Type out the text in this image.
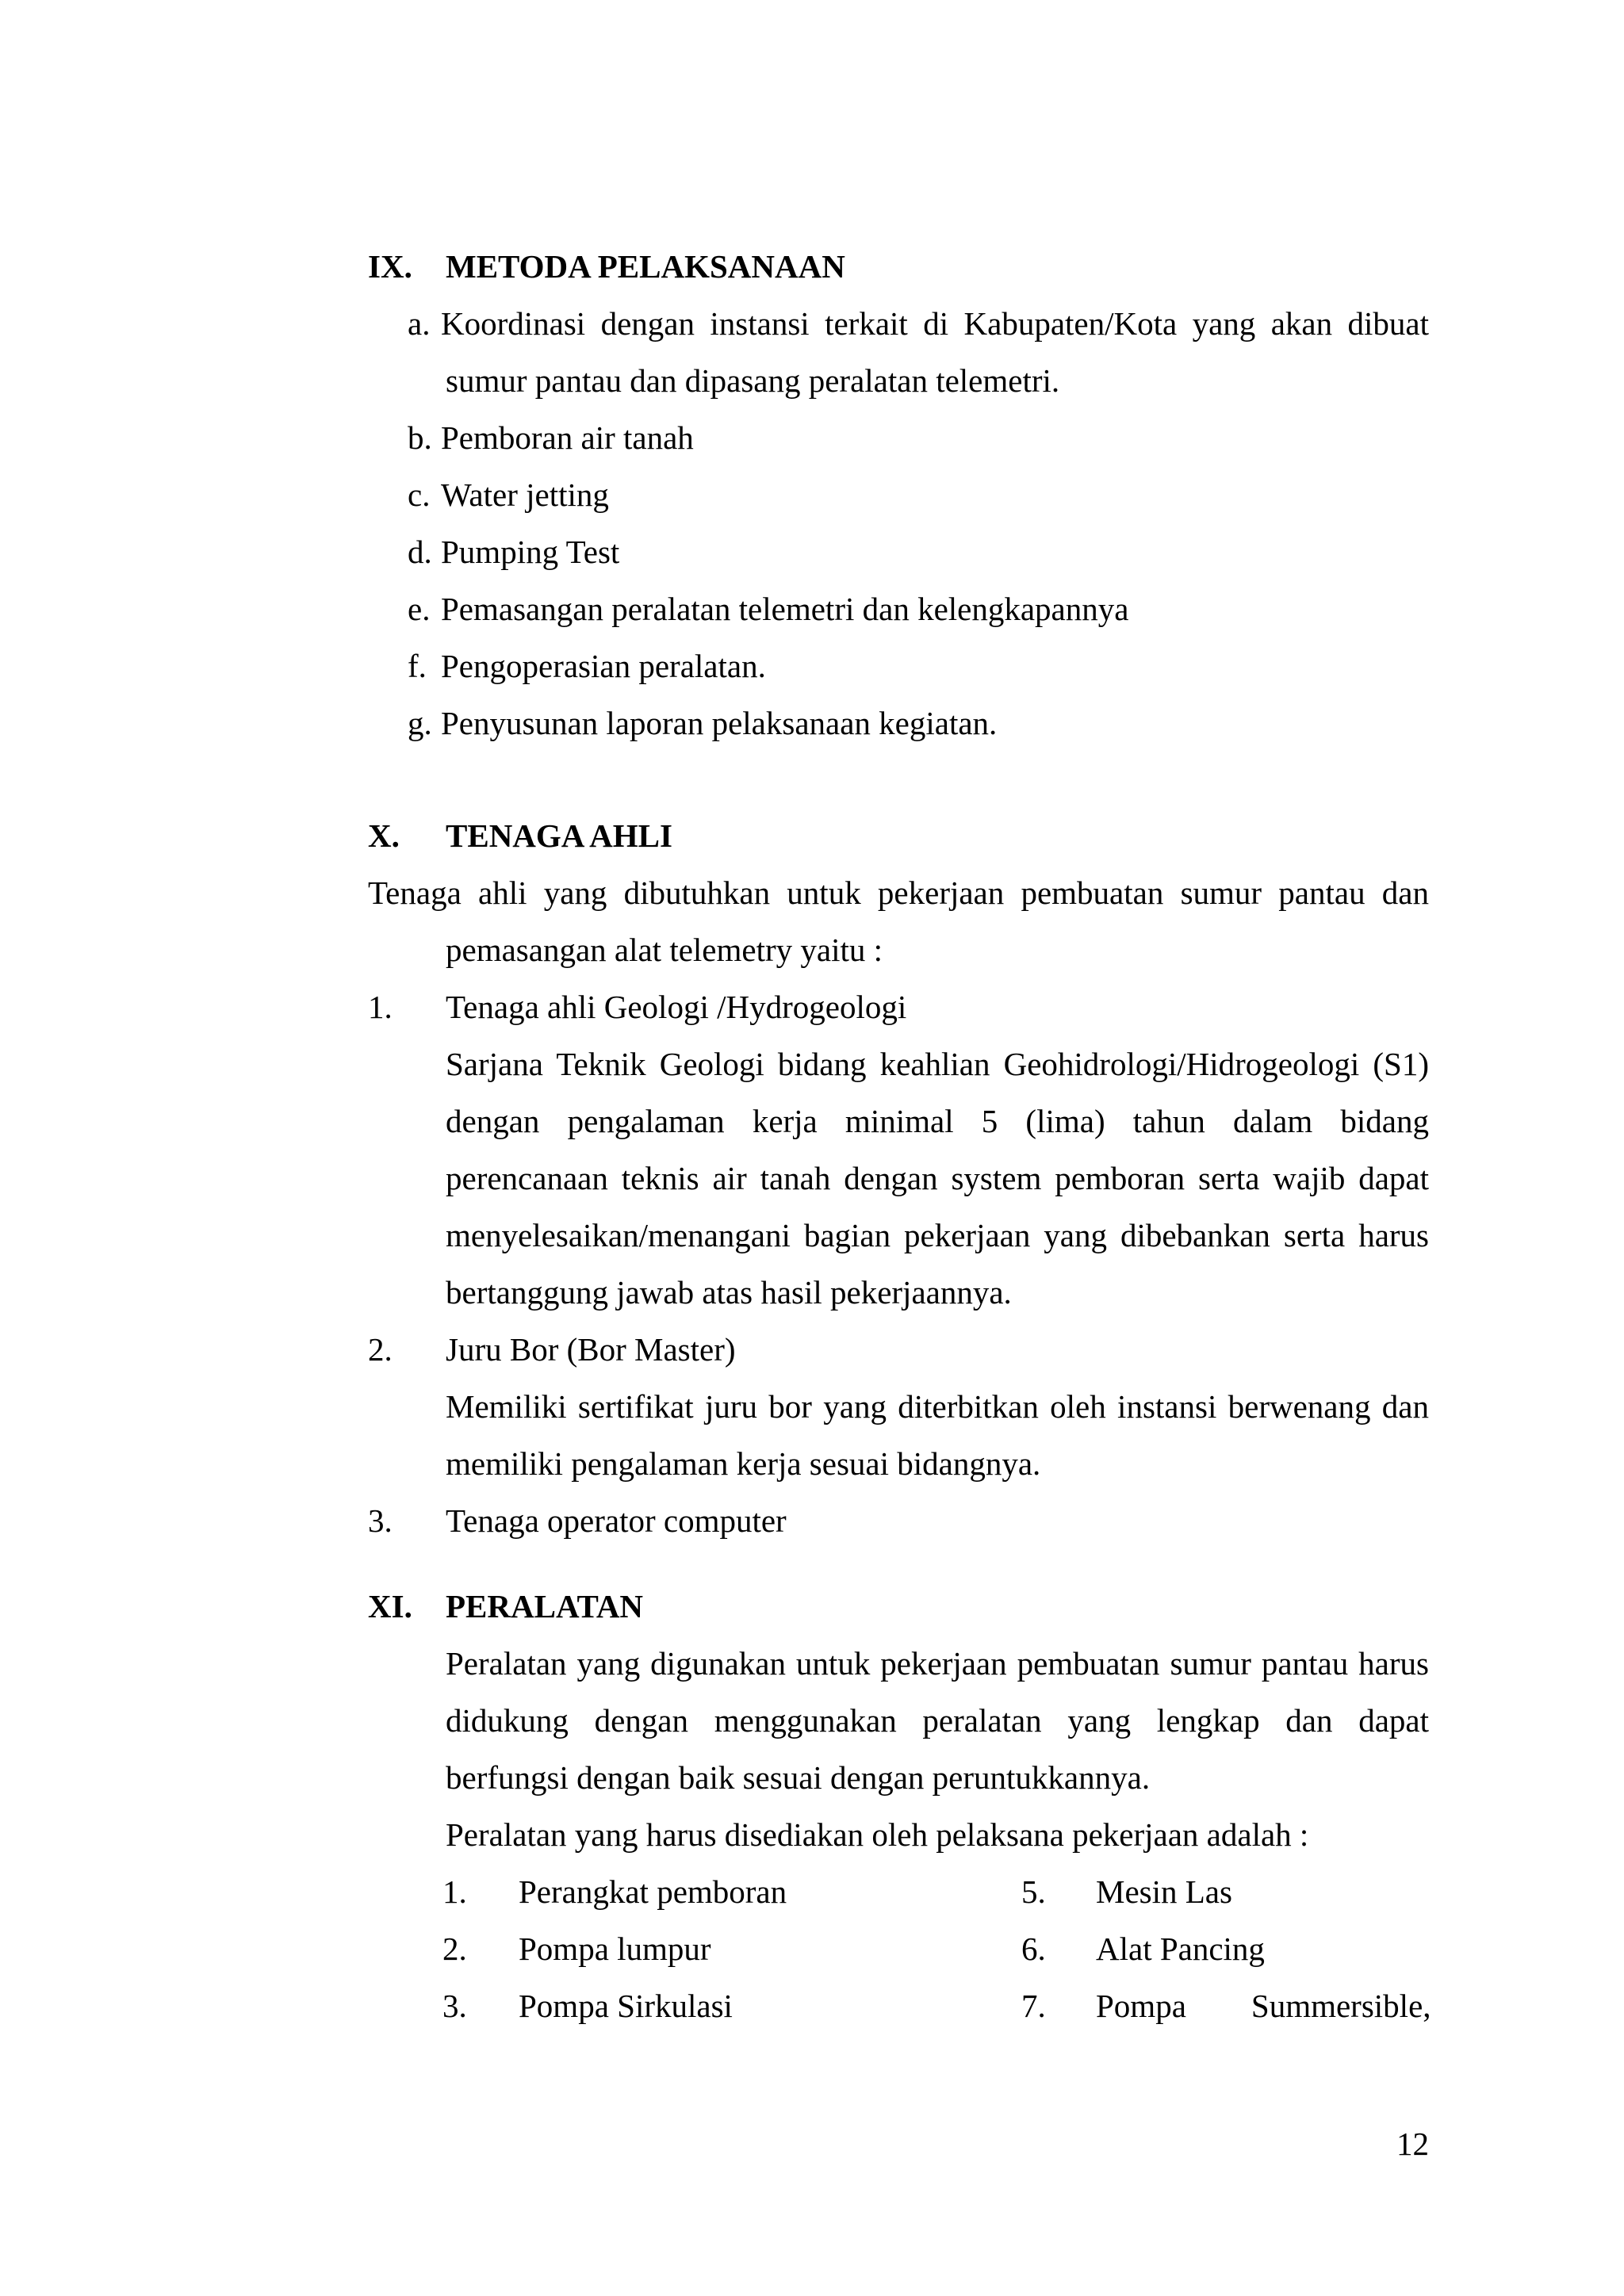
IX. METODA PELAKSANAAN
a. Koordinasi dengan instansi terkait di Kabupaten/Kota yang akan dibuat
sumur pantau dan dipasang peralatan telemetri.
b. Pemboran air tanah
c. Water jetting
d. Pumping Test
e. Pemasangan peralatan telemetri dan kelengkapannya
f. Pengoperasian peralatan.
g. Penyusunan laporan pelaksanaan kegiatan.
X. TENAGA AHLI
Tenaga ahli yang dibutuhkan untuk pekerjaan pembuatan sumur pantau dan
pemasangan alat telemetry yaitu :
1. Tenaga ahli Geologi /Hydrogeologi
Sarjana Teknik Geologi bidang keahlian Geohidrologi/Hidrogeologi (S1)
dengan pengalaman kerja minimal 5 (lima) tahun dalam bidang
perencanaan teknis air tanah dengan system pemboran serta wajib dapat
menyelesaikan/menangani bagian pekerjaan yang dibebankan serta harus
bertanggung jawab atas hasil pekerjaannya.
2. Juru Bor (Bor Master)
Memiliki sertifikat juru bor yang diterbitkan oleh instansi berwenang dan
memiliki pengalaman kerja sesuai bidangnya.
3. Tenaga operator computer
XI. PERALATAN
Peralatan yang digunakan untuk pekerjaan pembuatan sumur pantau harus
didukung dengan menggunakan peralatan yang lengkap dan dapat
berfungsi dengan baik sesuai dengan peruntukkannya.
Peralatan yang harus disediakan oleh pelaksana pekerjaan adalah :
1. Perangkat pemboran	5. Mesin Las
2. Pompa lumpur	6. Alat Pancing
3. Pompa Sirkulasi	7. Pompa        Summersible,
12
